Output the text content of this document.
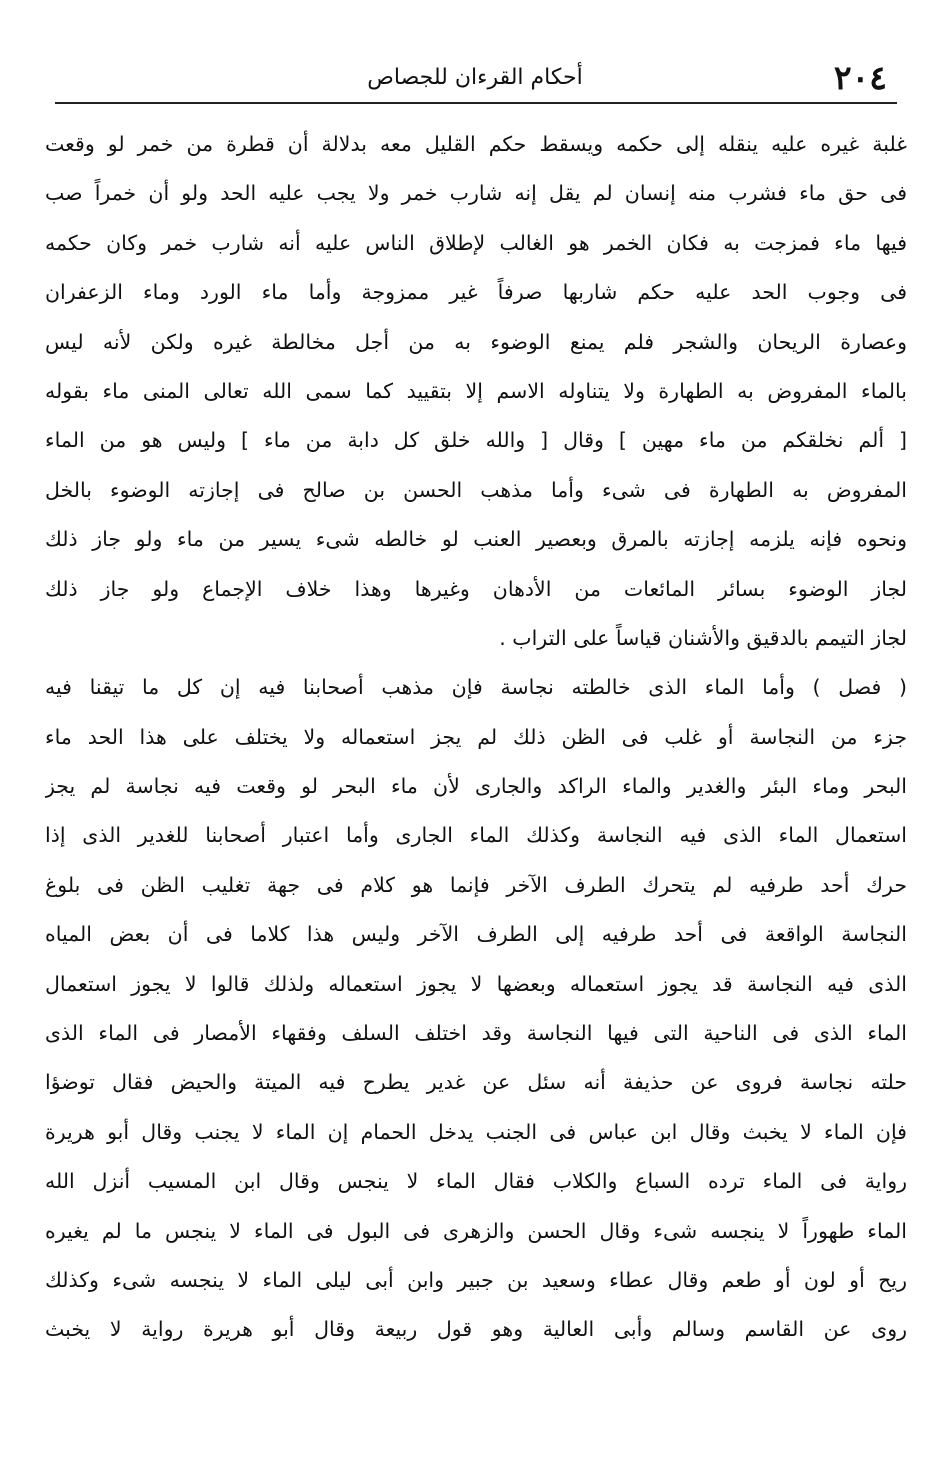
٢٠٤
أحكام القرءان للجصاص
غلبة غيره عليه ينقله إلى حكمه ويسقط حكم القليل معه بدلالة أن قطرة من خمر لو وقعت
فى حق ماء فشرب منه إنسان لم يقل إنه شارب خمر ولا يجب عليه الحد ولو أن خمراً صب
فيها ماء فمزجت به فكان الخمر هو الغالب لإطلاق الناس عليه أنه شارب خمر وكان حكمه
فى وجوب الحد عليه حكم شاربها صرفاً غير ممزوجة وأما ماء الورد وماء الزعفران
وعصارة الريحان والشجر فلم يمنع الوضوء به من أجل مخالطة غيره ولكن لأنه ليس
بالماء المفروض به الطهارة ولا يتناوله الاسم إلا بتقييد كما سمى الله تعالى المنى ماء بقوله
[ ألم نخلقكم من ماء مهين ] وقال [ والله خلق كل دابة من ماء ] وليس هو من الماء
المفروض به الطهارة فى شىء وأما مذهب الحسن بن صالح فى إجازته الوضوء بالخل
ونحوه فإنه يلزمه إجازته بالمرق وبعصير العنب لو خالطه شىء يسير من ماء ولو جاز ذلك
لجاز الوضوء بسائر المائعات من الأدهان وغيرها وهذا خلاف الإجماع ولو جاز ذلك
لجاز التيمم بالدقيق والأشنان قياساً على التراب .
( فصل ) وأما الماء الذى خالطته نجاسة فإن مذهب أصحابنا فيه إن كل ما تيقنا فيه
جزء من النجاسة أو غلب فى الظن ذلك لم يجز استعماله ولا يختلف على هذا الحد ماء
البحر وماء البئر والغدير والماء الراكد والجارى لأن ماء البحر لو وقعت فيه نجاسة لم يجز
استعمال الماء الذى فيه النجاسة وكذلك الماء الجارى وأما اعتبار أصحابنا للغدير الذى إذا
حرك أحد طرفيه لم يتحرك الطرف الآخر فإنما هو كلام فى جهة تغليب الظن فى بلوغ
النجاسة الواقعة فى أحد طرفيه إلى الطرف الآخر وليس هذا كلاما فى أن بعض المياه
الذى فيه النجاسة قد يجوز استعماله وبعضها لا يجوز استعماله ولذلك قالوا لا يجوز استعمال
الماء الذى فى الناحية التى فيها النجاسة وقد اختلف السلف وفقهاء الأمصار فى الماء الذى
حلته نجاسة فروى عن حذيفة أنه سئل عن غدير يطرح فيه الميتة والحيض فقال توضؤا
فإن الماء لا يخبث وقال ابن عباس فى الجنب يدخل الحمام إن الماء لا يجنب وقال أبو هريرة
رواية فى الماء ترده السباع والكلاب فقال الماء لا ينجس وقال ابن المسيب أنزل الله
الماء طهوراً لا ينجسه شىء وقال الحسن والزهرى فى البول فى الماء لا ينجس ما لم يغيره
ريح أو لون أو طعم وقال عطاء وسعيد بن جبير وابن أبى ليلى الماء لا ينجسه شىء وكذلك
روى عن القاسم وسالم وأبى العالية وهو قول ربيعة وقال أبو هريرة رواية لا يخبث
